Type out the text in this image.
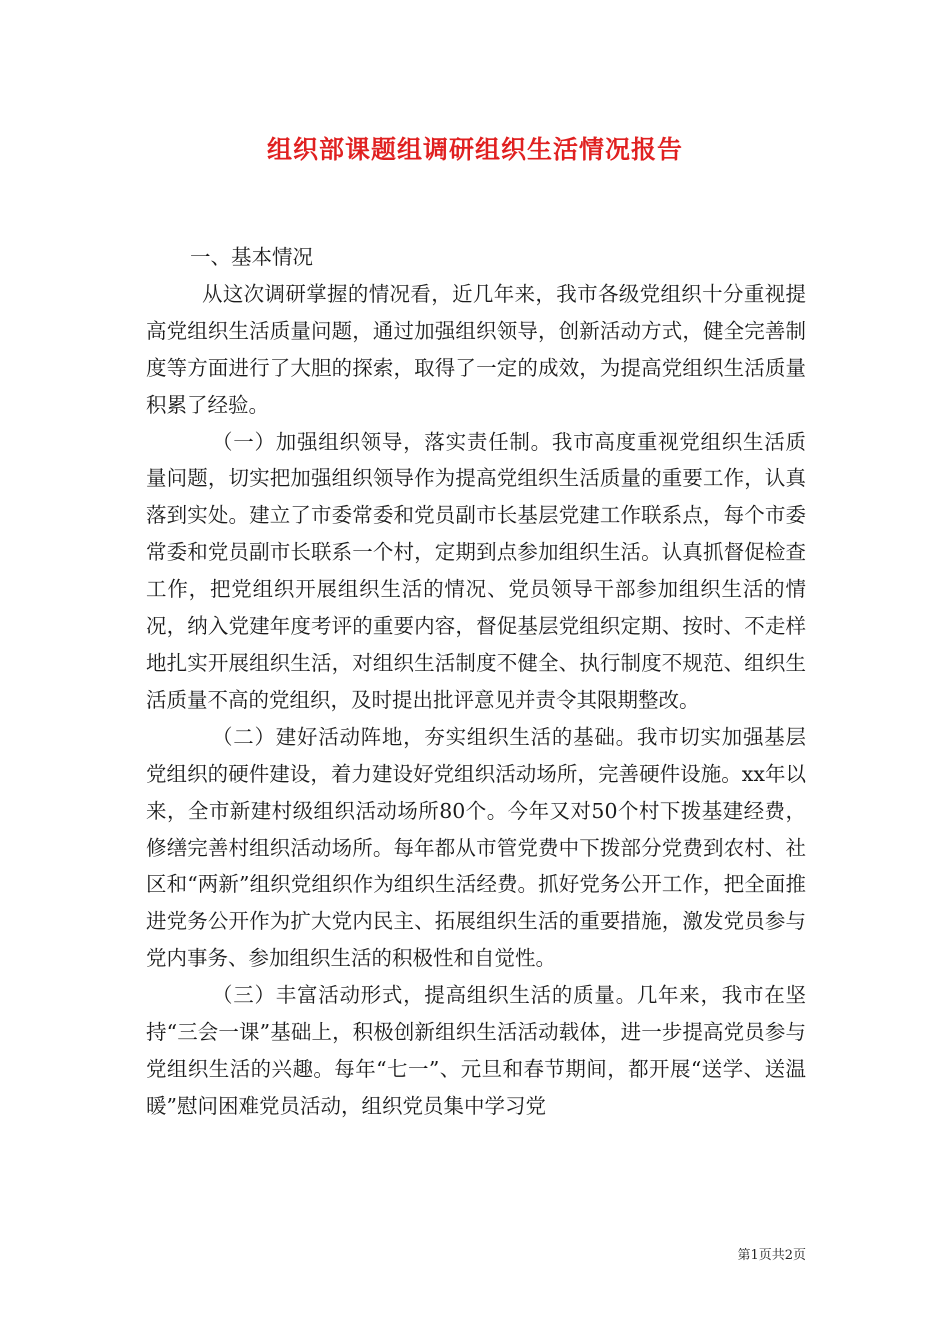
组织部课题组调研组织生活情况报告

一、基本情况

从这次调研掌握的情况看，近几年来，我市各级党组织十分重视提高党组织生活质量问题，通过加强组织领导，创新活动方式，健全完善制度等方面进行了大胆的探索，取得了一定的成效，为提高党组织生活质量积累了经验。

（一）加强组织领导，落实责任制。我市高度重视党组织生活质量问题，切实把加强组织领导作为提高党组织生活质量的重要工作，认真落到实处。建立了市委常委和党员副市长基层党建工作联系点，每个市委常委和党员副市长联系一个村，定期到点参加组织生活。认真抓督促检查工作，把党组织开展组织生活的情况、党员领导干部参加组织生活的情况，纳入党建年度考评的重要内容，督促基层党组织定期、按时、不走样地扎实开展组织生活，对组织生活制度不健全、执行制度不规范、组织生活质量不高的党组织，及时提出批评意见并责令其限期整改。

（二）建好活动阵地，夯实组织生活的基础。我市切实加强基层党组织的硬件建设，着力建设好党组织活动场所，完善硬件设施。xx年以来，全市新建村级组织活动场所80个。今年又对50个村下拨基建经费，修缮完善村组织活动场所。每年都从市管党费中下拨部分党费到农村、社区和“两新”组织党组织作为组织生活经费。抓好党务公开工作，把全面推进党务公开作为扩大党内民主、拓展组织生活的重要措施，激发党员参与党内事务、参加组织生活的积极性和自觉性。

（三）丰富活动形式，提高组织生活的质量。几年来，我市在坚持“三会一课”基础上，积极创新组织生活活动载体，进一步提高党员参与党组织生活的兴趣。每年“七一”、元旦和春节期间，都开展“送学、送温暖”慰问困难党员活动，组织党员集中学习党

第1页共2页
